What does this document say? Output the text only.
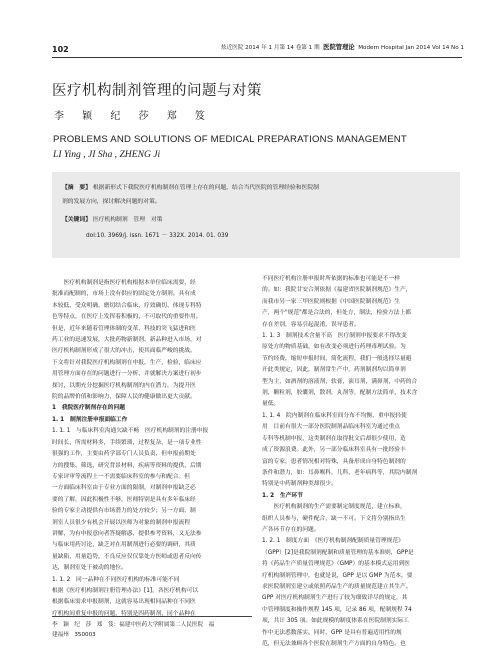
102	炫近医院 2014 年 1 月第 14 卷第 1 期 医院管理论 Modern Hospital Jan 2014 Vol 14 No 1
医疗机构制剂管理的问题与对策
李 颖 纪 莎 郑 笈
PROBLEMS AND SOLUTIONS OF MEDICAL PREPARATIONS MANAGEMENT
LI Ying , JI Sha , ZHENG Ji
【摘　要】 根据新形式下我院医疗机构制剂在管理上存在的问题，结合当代医院的管理经验和医院制
剂的发展方向，探讨解决问题的对策。
【关键词】 医疗机构制剂　管理　对策
doi:10. 3969/j. issn. 1671 － 332X. 2014. 01. 039

　　医疗机构制剂是指医疗机构根据本单位临床需要，经

批准而配制的，市场上没有供应的固定处方制剂。具有成

本较低、受众明确、磨切结合临床、疗效确切、体现专科特

色等特点，在医疗上发挥着积极的，不可取代的重要作用。

但是，近年来随着管理体制的变革，科技的突飞猛进和医

药工业的迅速发展，大批药物新制剂、新品种进入市场，对

医疗机构制剂形成了很大的冲击，使其面临严峻的挑战。

下文将针对我院医疗机构制剂在申报，生产，检验，临床应

用管理方面存在的问题进行一分析，并就解决方案进行初步

探讨，以期充分挖掘医疗机构制剂的内在潜力，为提升医

院的品牌价值和影响力，保障人民的健康做出更大贡献。

1　我院医疗制剂存在的问题

1. 1　制剂注册申报面临工作

1. 1. 1　与临床科室沟通欠缺不畅　医疗机构制剂的注册申报

时间长，所需材料多，手续繁琐，过程复杂，是一项专业性

很强的工作，主要由药学部专门人员负责，但申报前期处

方的搜集、筛选，研究背景材料，疾病等资料的提供，后期

专家评审等流程上一不需要临床科室的参与和配合。但

一方面临床科室由于专业方面的限制，对制剂申报缺乏必

要的了解，因此积极性不够，医师特别是具有多年临床经

验的专家主动提供有市场潜力的处方较少；另一方面，制

剂室人员很少有机会开展以医师为对象的制剂申报流程

讲解，为有申报意向者答疑解惑，提供参考资料，又无法参

与临床用药讨论，缺乏对在用制剂进行必要的调研，其质

量缺陷，用量趋势，不良反应仅仅靠处方医师或患者反向传

达，制剂室处于被动的地位。

1. 1. 2　同一品种在不同医疗机构的标准可能不同

根据《医疗机构制剂注册管理办法》[1]，各医疗机构可以

根据临床需求申报制剂，这就容易出现相同品种在不同医

疗机构间重复申报的问题，特别是四药制剂，同个品种在

不同医疗机构注册申报时所依据的标准也可能是不一样

的。如：我院甘安合剂依据《福建省医院制剂规范》生产，

而我市另一家三甲医院则根据《中国医院制剂规范》生

产，两个"规范"都是合法的，但处方，制法，检验方法上都

存在差别，容易引起混淆，误导患者。

1. 1. 3　制剂技术含量不高　医疗制剂申报要求不得改变

原处方的物质基础，如有改变必须进行药理毒理试验。为

节约经费，缩短申报时间，简化流程，我们一般选择尽量避

开此类规定，因此，制剂常生产中，药剂制剂均以简单剂

型为主，如酒剂的溶液剂，软膏，演耳剂，满鼻剂，中药的合

剂，颗粒剂，胶囊剂，散剂，丸剂等，配制方法简单，技术含

量低。

1. 1. 4　院内制剂在临床科室间分布不均衡，重申报轻使

用　目前有很大一部分医院制剂品临床科室为通过重点

专科等机制申报，这类制剂在取得批文后却很少使用，造

成了资源浪费。此外，另一部分临床科室具有一批经验丰

富的专家，患者情况相对特殊，具备形成自身特色制剂的

条件和潜力，如：耳鼻喉科，儿科，老年病科等，其院内制剂

特别是中药制剂种类却很少。

1. 2　生产环节

　　医疗机构制剂的生产需要制定制度规范，建立标准，

组织人员参与，硬件配合，缺一不可。下文将分别指出生

产各环节存在的问题。

1. 2. 1　制度方面　《医疗机构制剂配制质量管理规范》

（GPP）[2]是我院制剂配制和质量管理的基本准则，GPP是

将《药品生产质量管理规范》（GMP）的基本模式运用到医

疗机构制剂管理中，也就是说，GPP 是以 GMP 为范本，要

求医院制剂室建立或依照药品生产的质量规范建立其生产。

GPP 对医疗机构制剂生产进行了较为细致详尽的规定，其

中管理制度和操作规程 145 项，记录 86 项，配制规程 74

项，共计 305 项。如此规模的制度体系在医院制剂实际工

作中无法悉数落实。同时，GPP 是具有普遍适用性的规

范，但无法兼顾各个医院在制剂生产方面的自身特色。也

李　颖　纪　莎　郑　笈：福建中医药大学附属第二人民医院　福
建福州　350003
